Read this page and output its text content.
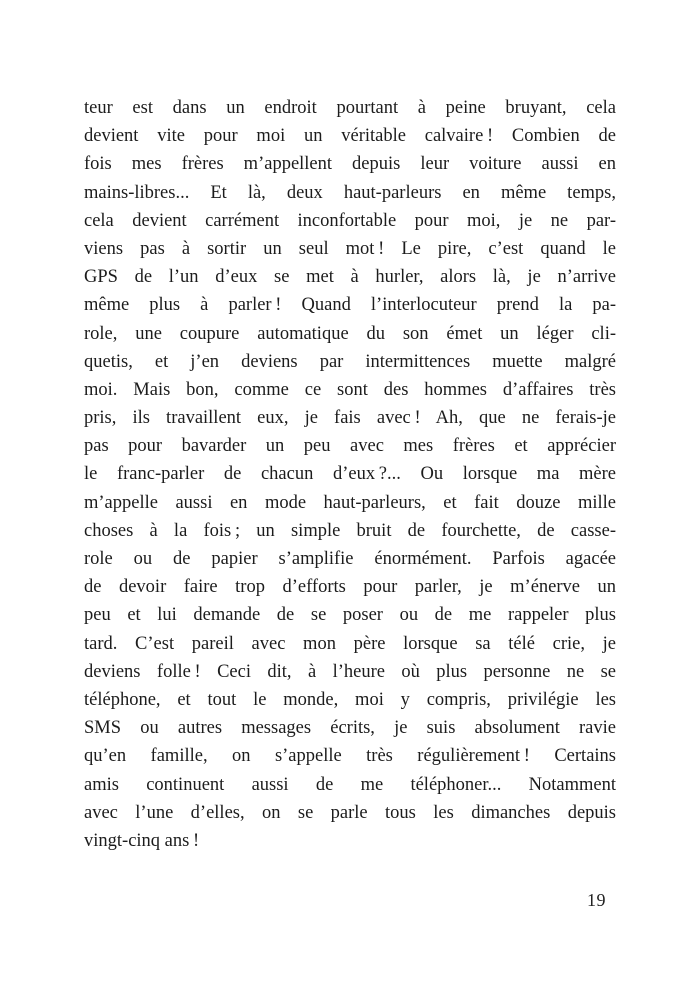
teur est dans un endroit pourtant à peine bruyant, cela
devient vite pour moi un véritable calvaire ! Combien de
fois mes frères m’appellent depuis leur voiture aussi en
mains-libres... Et là, deux haut-parleurs en même temps,
cela devient carrément inconfortable pour moi, je ne par-
viens pas à sortir un seul mot ! Le pire, c’est quand le
GPS de l’un d’eux se met à hurler, alors là, je n’arrive
même plus à parler ! Quand l’interlocuteur prend la pa-
role, une coupure automatique du son émet un léger cli-
quetis, et j’en deviens par intermittences muette malgré
moi. Mais bon, comme ce sont des hommes d’affaires très
pris, ils travaillent eux, je fais avec ! Ah, que ne ferais-je
pas pour bavarder un peu avec mes frères et apprécier
le franc-parler de chacun d’eux ?... Ou lorsque ma mère
m’appelle aussi en mode haut-parleurs, et fait douze mille
choses à la fois ; un simple bruit de fourchette, de casse-
role ou de papier s’amplifie énormément. Parfois agacée
de devoir faire trop d’efforts pour parler, je m’énerve un
peu et lui demande de se poser ou de me rappeler plus
tard. C’est pareil avec mon père lorsque sa télé crie, je
deviens folle ! Ceci dit, à l’heure où plus personne ne se
téléphone, et tout le monde, moi y compris, privilégie les
SMS ou autres messages écrits, je suis absolument ravie
qu’en famille, on s’appelle très régulièrement ! Certains
amis continuent aussi de me téléphoner... Notamment
avec l’une d’elles, on se parle tous les dimanches depuis
vingt-cinq ans !
19
